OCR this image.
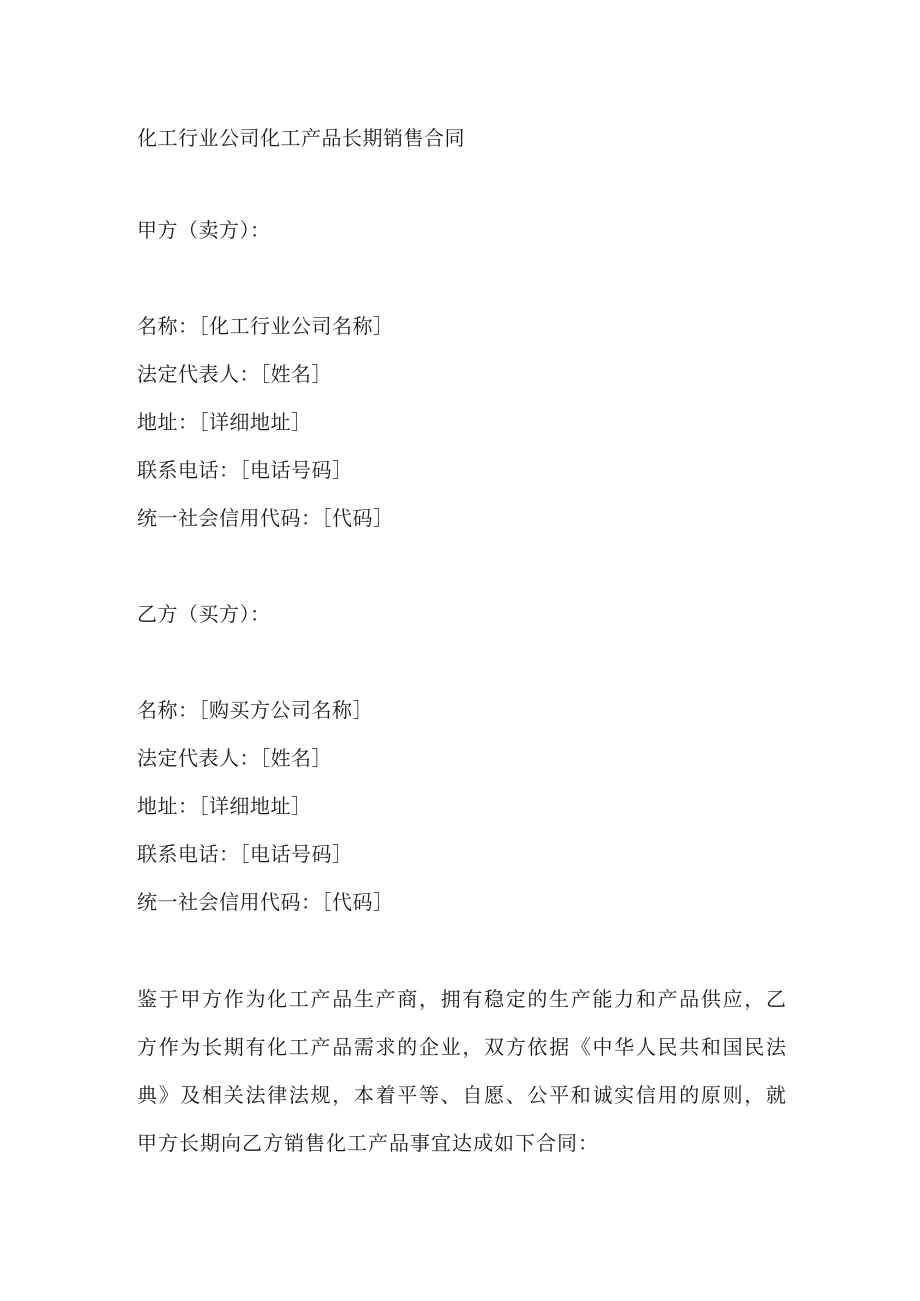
化工行业公司化工产品长期销售合同
甲方（卖方）：
名称：［化工行业公司名称］
法定代表人：［姓名］
地址：［详细地址］
联系电话：［电话号码］
统一社会信用代码：［代码］
乙方（买方）：
名称：［购买方公司名称］
法定代表人：［姓名］
地址：［详细地址］
联系电话：［电话号码］
统一社会信用代码：［代码］
鉴于甲方作为化工产品生产商，拥有稳定的生产能力和产品供应，乙方作为长期有化工产品需求的企业，双方依据《中华人民共和国民法典》及相关法律法规，本着平等、自愿、公平和诚实信用的原则，就甲方长期向乙方销售化工产品事宜达成如下合同：
